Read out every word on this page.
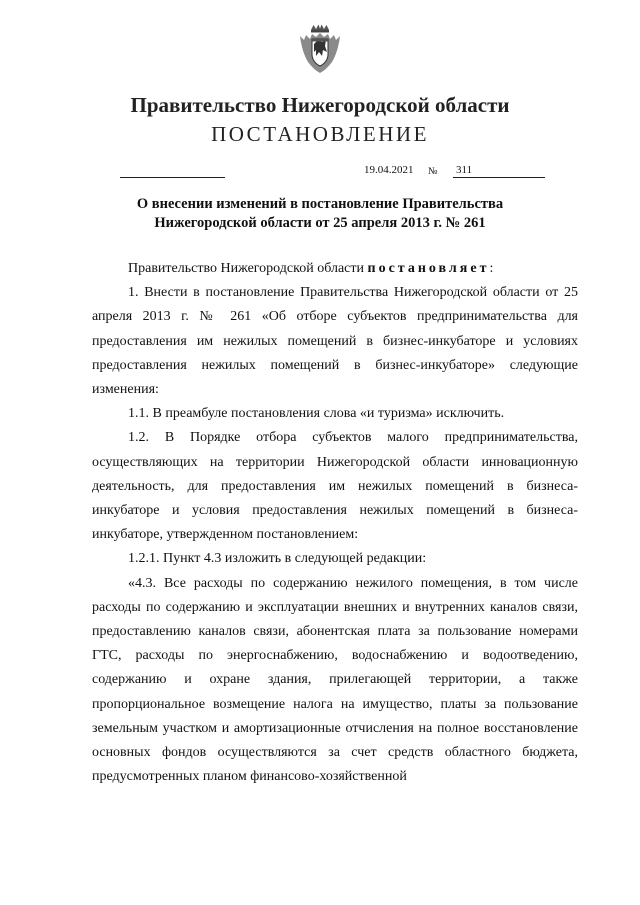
Правительство Нижегородской области
ПОСТАНОВЛЕНИЕ
19.04.2021 № 311
О внесении изменений в постановление Правительства
Нижегородской области от 25 апреля 2013 г. № 261

Правительство Нижегородской области постановляет:

1. Внести в постановление Правительства Нижегородской области от 25 апреля 2013 г. № 261 «Об отборе субъектов предпринимательства для предоставления им нежилых помещений в бизнес-инкубаторе и условиях предоставления нежилых помещений в бизнес-инкубаторе» следующие изменения:

1.1. В преамбуле постановления слова «и туризма» исключить.

1.2. В Порядке отбора субъектов малого предпринимательства, осуществляющих на территории Нижегородской области инновационную деятельность, для предоставления им нежилых помещений в бизнеса-инкубаторе и условия предоставления нежилых помещений в бизнеса-инкубаторе, утвержденном постановлением:

1.2.1. Пункт 4.3 изложить в следующей редакции:

«4.3. Все расходы по содержанию нежилого помещения, в том числе расходы по содержанию и эксплуатации внешних и внутренних каналов связи, предоставлению каналов связи, абонентская плата за пользование номерами ГТС, расходы по энергоснабжению, водоснабжению и водоотведению, содержанию и охране здания, прилегающей территории, а также пропорциональное возмещение налога на имущество, платы за пользование земельным участком и амортизационные отчисления на полное восстановление основных фондов осуществляются за счет средств областного бюджета, предусмотренных планом финансово-хозяйственной
